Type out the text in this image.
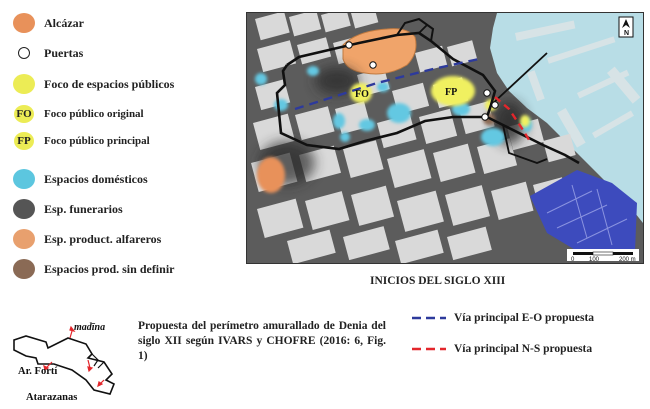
Alcázar
Puertas
Foco de espacios públicos
FO Foco público original
FP Foco público principal
Espacios domésticos
Esp. funerarios
Esp. product. alfareros
Espacios prod. sin definir
FO	FP
N
0 100	200 m
INICIOS DEL SIGLO XIII
Vía principal E-O propuesta
Vía principal N-S propuesta
madīna
Ar. Fortí
Atarazanas
Propuesta del perímetro amurallado de Denia del siglo XII según IVARS y CHOFRE (2016: 6, Fig. 1)
